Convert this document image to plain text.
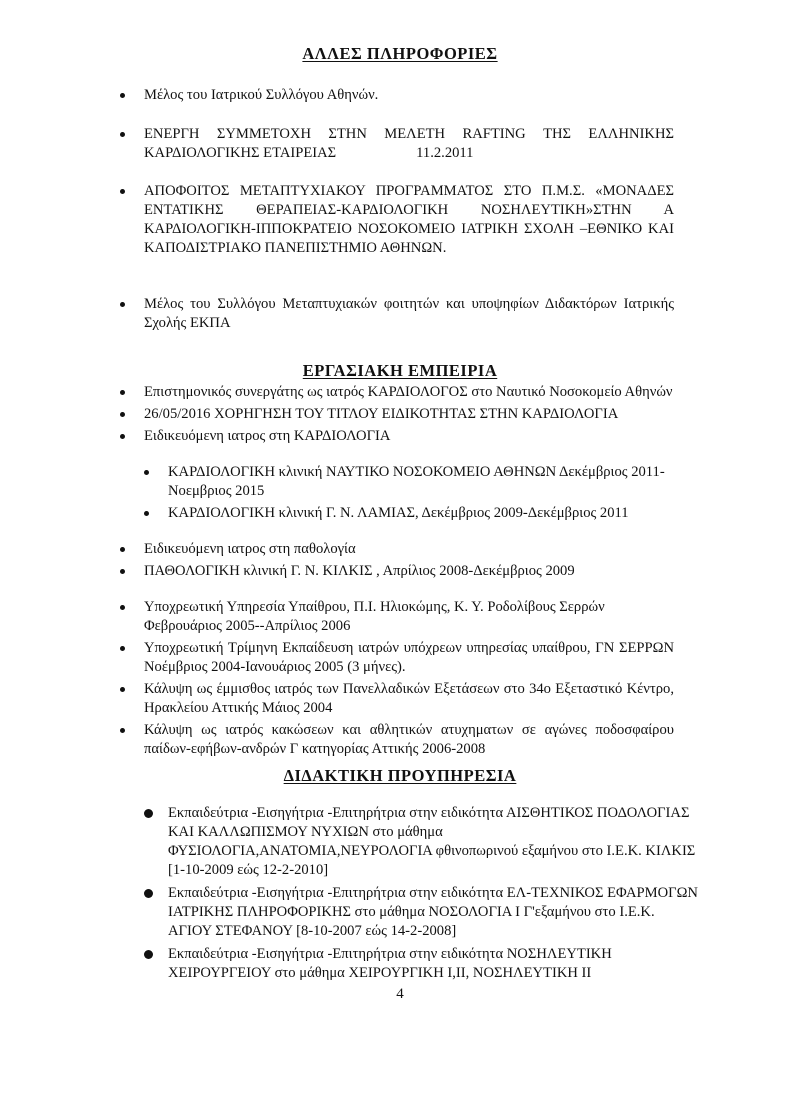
ΑΛΛΕΣ ΠΛΗΡΟΦΟΡΙΕΣ
Μέλος του Ιατρικού Συλλόγου Αθηνών.
ΕΝΕΡΓΗ ΣΥΜΜΕΤΟΧΗ ΣΤΗΝ ΜΕΛΕΤΗ RAFTING ΤΗΣ ΕΛΛΗΝΙΚΗΣ
ΚΑΡΔΙΟΛΟΓΙΚΗΣ ΕΤΑΙΡΕΙΑΣ	11.2.2011
ΑΠΟΦΟΙΤΟΣ ΜΕΤΑΠΤΥΧΙΑΚΟΥ ΠΡΟΓΡΑΜΜΑΤΟΣ ΣΤΟ Π.Μ.Σ. «ΜΟΝΑΔΕΣ ΕΝΤΑΤΙΚΗΣ ΘΕΡΑΠΕΙΑΣ-ΚΑΡΔΙΟΛΟΓΙΚΗ ΝΟΣΗΛΕΥΤΙΚΗ»ΣΤΗΝ Α ΚΑΡΔΙΟΛΟΓΙΚΗ-ΙΠΠΟΚΡΑΤΕΙΟ ΝΟΣΟΚΟΜΕΙΟ ΙΑΤΡΙΚΗ ΣΧΟΛΗ –ΕΘΝΙΚΟ ΚΑΙ ΚΑΠΟΔΙΣΤΡΙΑΚΟ ΠΑΝΕΠΙΣΤΗΜΙΟ ΑΘΗΝΩΝ.
Μέλος του Συλλόγου Μεταπτυχιακών φοιτητών και υποψηφίων Διδακτόρων Ιατρικής Σχολής ΕΚΠΑ
ΕΡΓΑΣΙΑΚΗ ΕΜΠΕΙΡΙΑ
Επιστημονικός συνεργάτης ως ιατρός ΚΑΡΔΙΟΛΟΓΟΣ στο Ναυτικό Νοσοκομείο Αθηνών
26/05/2016 ΧΟΡΗΓΗΣΗ ΤΟΥ ΤΙΤΛΟΥ ΕΙΔΙΚΟΤΗΤΑΣ ΣΤΗΝ ΚΑΡΔΙΟΛΟΓΙΑ
Ειδικευόμενη ιατρος στη ΚΑΡΔΙΟΛΟΓΙΑ
ΚΑΡΔΙΟΛΟΓΙΚΗ κλινική ΝΑΥΤΙΚΟ ΝΟΣΟΚΟΜΕΙΟ ΑΘΗΝΩΝ Δεκέμβριος 2011-Νοεμβριος 2015
ΚΑΡΔΙΟΛΟΓΙΚΗ κλινική Γ. Ν. ΛΑΜΙΑΣ, Δεκέμβριος 2009-Δεκέμβριος 2011
Ειδικευόμενη ιατρος στη παθολογία
ΠΑΘΟΛΟΓΙΚΗ κλινική Γ. Ν. ΚΙΛΚΙΣ , Απρίλιος 2008-Δεκέμβριος 2009
Υποχρεωτική Υπηρεσία Υπαίθρου, Π.Ι. Ηλιοκώμης, Κ. Υ. Ροδολίβους Σερρών Φεβρουάριος 2005--Απρίλιος 2006
Υποχρεωτική Τρίμηνη Εκπαίδευση ιατρών υπόχρεων υπηρεσίας υπαίθρου, ΓΝ ΣΕΡΡΩΝ Νοέμβριος 2004-Ιανουάριος 2005 (3 μήνες).
Κάλυψη ως έμμισθος ιατρός των Πανελλαδικών Εξετάσεων στο 34ο Εξεταστικό Κέντρο, Ηρακλείου Αττικής Μάιος 2004
Κάλυψη ως ιατρός κακώσεων και αθλητικών ατυχηματων σε αγώνες ποδοσφαίρου παίδων-εφήβων-ανδρών Γ κατηγορίας Αττικής 2006-2008
ΔΙΔΑΚΤΙΚΗ ΠΡΟΥΠΗΡΕΣΙΑ
Εκπαιδεύτρια -Εισηγήτρια -Επιτηρήτρια στην ειδικότητα ΑΙΣΘΗΤΙΚΟΣ ΠΟΔΟΛΟΓΙΑΣ ΚΑΙ ΚΑΛΛΩΠΙΣΜΟΥ ΝΥΧΙΩΝ στο μάθημα ΦΥΣΙΟΛΟΓΙΑ,ΑΝΑΤΟΜΙΑ,ΝΕΥΡΟΛΟΓΙΑ φθινοπωρινού εξαμήνου στο Ι.Ε.Κ. ΚΙΛΚΙΣ [1-10-2009 εώς 12-2-2010]
Εκπαιδεύτρια -Εισηγήτρια -Επιτηρήτρια στην ειδικότητα ΕΛ-ΤΕΧΝΙΚΟΣ ΕΦΑΡΜΟΓΩΝ ΙΑΤΡΙΚΗΣ ΠΛΗΡΟΦΟΡΙΚΗΣ στο μάθημα ΝΟΣΟΛΟΓΙΑ Ι Γ'εξαμήνου στο Ι.Ε.Κ. ΑΓΙΟΥ ΣΤΕΦΑΝΟΥ [8-10-2007 εώς 14-2-2008]
Εκπαιδεύτρια -Εισηγήτρια -Επιτηρήτρια στην ειδικότητα ΝΟΣΗΛΕΥΤΙΚΗ ΧΕΙΡΟΥΡΓΕΙΟΥ στο μάθημα ΧΕΙΡΟΥΡΓΙΚΗ Ι,ΙΙ, ΝΟΣΗΛΕΥΤΙΚΗ ΙΙ
4
